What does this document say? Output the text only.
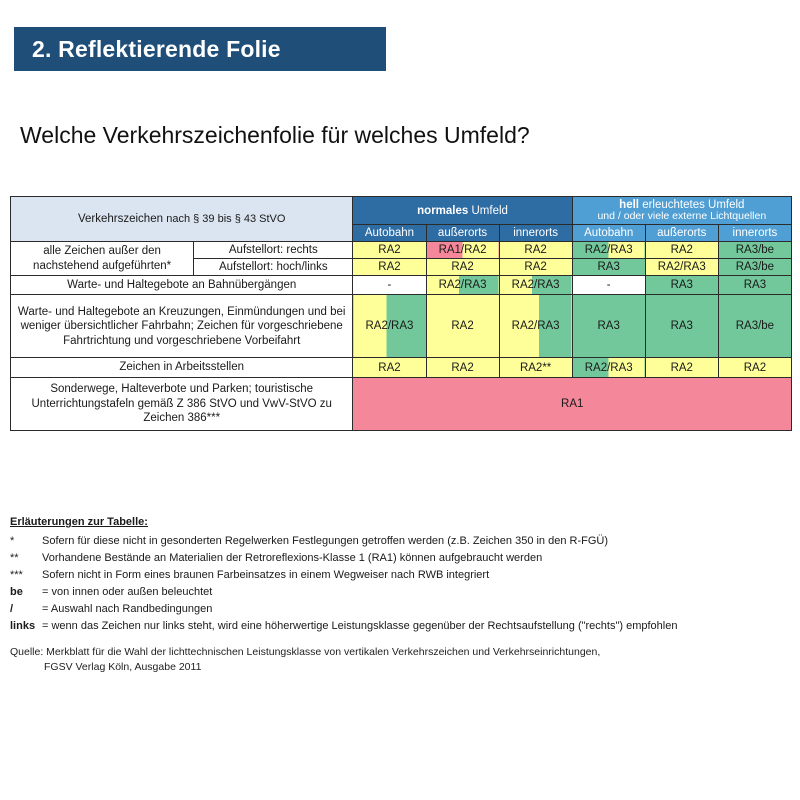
2. Reflektierende Folie
Welche Verkehrszeichenfolie für welches Umfeld?
Verkehrszeichen nach § 39 bis § 43 StVO		normales Umfeld			hell erleuchtetes Umfeld
und / oder viele externe Lichtquellen		

		Autobahn	außerorts	innerorts	Autobahn	außerorts	innerorts
alle Zeichen außer den nachstehend aufgeführten*	Aufstellort: rechts	RA2	RA1/RA2	RA2	RA2/RA3	RA2	RA3/be
	Aufstellort: hoch/links	RA2	RA2	RA2	RA3	RA2/RA3	RA3/be
Warte- und Haltegebote an Bahnübergängen		-	RA2/RA3	RA2/RA3	-	RA3	RA3
Warte- und Haltegebote an Kreuzungen, Einmündungen und bei weniger übersichtlicher Fahrbahn; Zeichen für vorgeschriebene Fahrtrichtung und vorgeschriebene Vorbeifahrt		RA2/RA3	RA2	RA2/RA3	RA3	RA3	RA3/be
Zeichen in Arbeitsstellen		RA2	RA2	RA2**	RA2/RA3	RA2	RA2
Sonderwege, Halteverbote und Parken; touristische Unterrichtungstafeln gemäß Z 386 StVO und VwV-StVO zu Zeichen 386***		RA1					
Erläuterungen zur Tabelle:
*	Sofern für diese nicht in gesonderten Regelwerken Festlegungen getroffen werden (z.B. Zeichen 350 in den R-FGÜ)
**	Vorhandene Bestände an Materialien der Retroreflexions-Klasse 1 (RA1) können aufgebraucht werden
***	Sofern nicht in Form eines braunen Farbeinsatzes in einem Wegweiser nach RWB integriert
be	= von innen oder außen beleuchtet
/	= Auswahl nach Randbedingungen
links = wenn das Zeichen nur links steht, wird eine höherwertige Leistungsklasse gegenüber der Rechtsaufstellung ("rechts") empfohlen
Quelle: Merkblatt für die Wahl der lichttechnischen Leistungsklasse von vertikalen Verkehrszeichen und Verkehrseinrichtungen,
FGSV Verlag Köln, Ausgabe 2011
